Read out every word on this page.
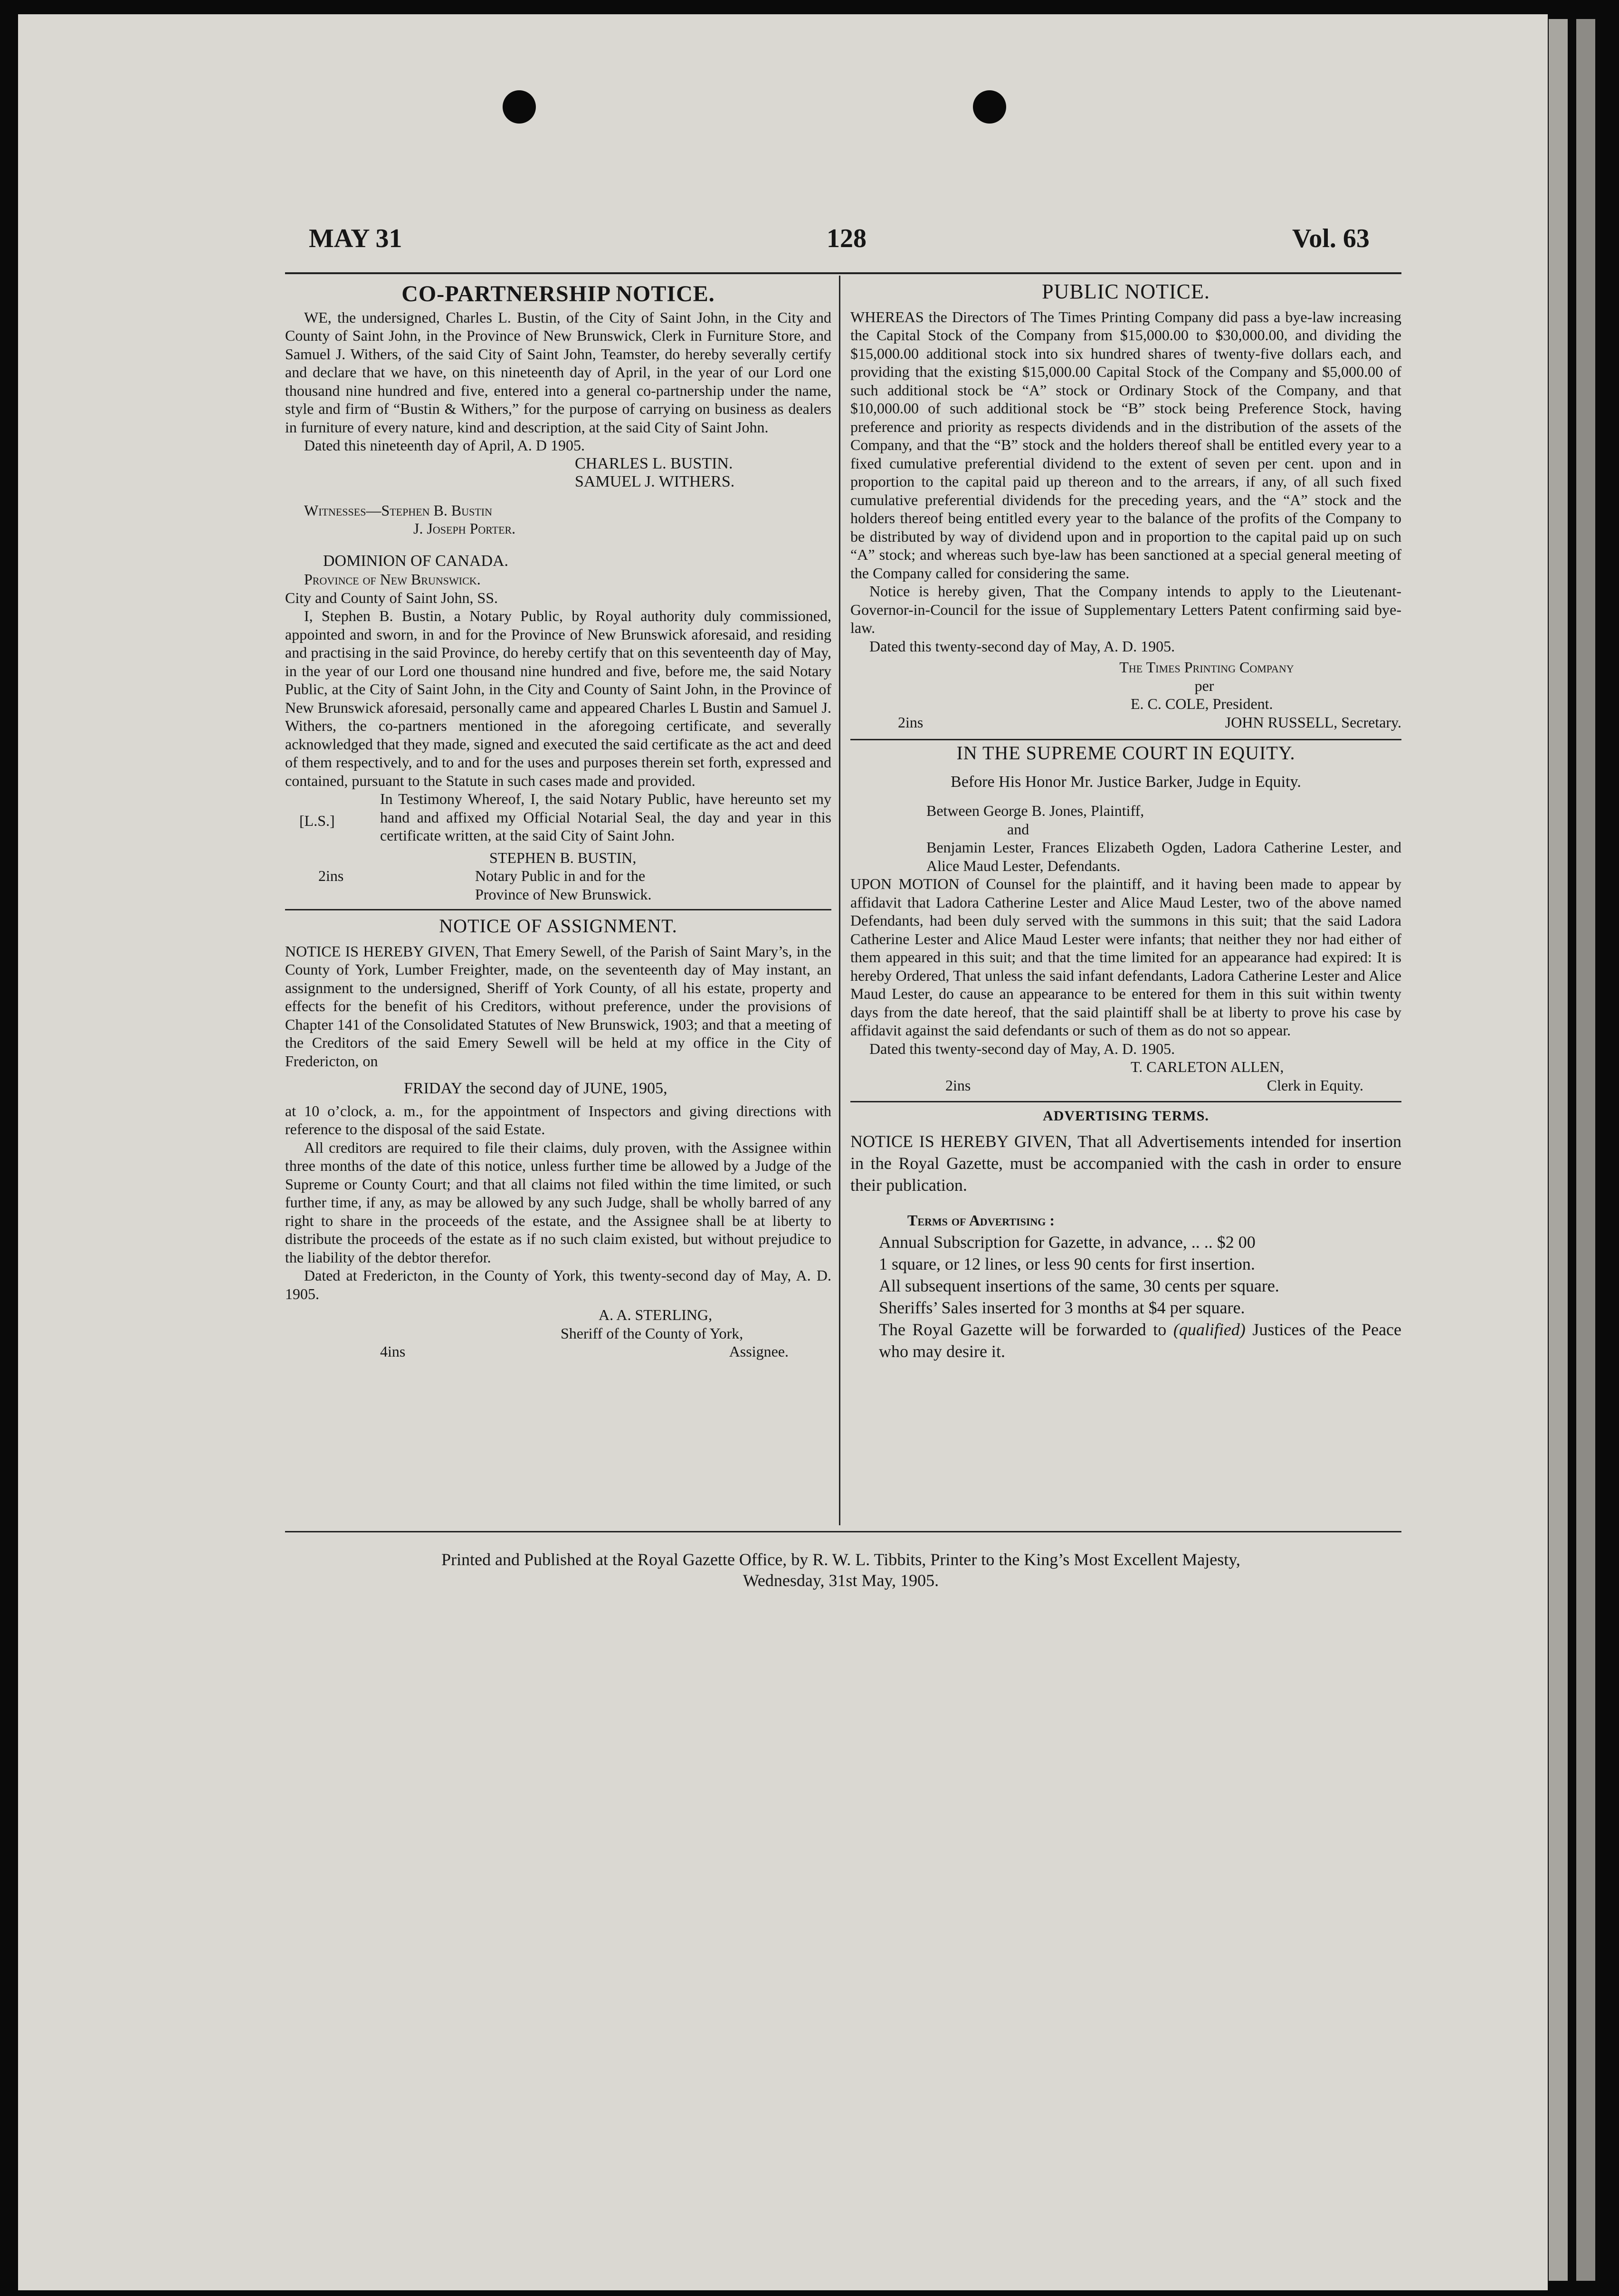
MAY 31	128	Vol. 63
CO-PARTNERSHIP NOTICE.

WE, the undersigned, Charles L. Bustin, of the City of Saint John, in the City and County of Saint John, in the Province of New Brunswick, Clerk in Furniture Store, and Samuel J. Withers, of the said City of Saint John, Teamster, do hereby severally certify and declare that we have, on this nineteenth day of April, in the year of our Lord one thousand nine hundred and five, entered into a general co-partnership under the name, style and firm of “Bustin & Withers,” for the purpose of carrying on business as dealers in furniture of every nature, kind and description, at the said City of Saint John.

Dated this nineteenth day of April, A. D 1905.

CHARLES L. BUSTIN.
SAMUEL J. WITHERS.

Witnesses—Stephen B. Bustin

J. Joseph Porter.

DOMINION OF CANADA.

Province of New Brunswick.

City and County of Saint John, SS.

I, Stephen B. Bustin, a Notary Public, by Royal authority duly commissioned, appointed and sworn, in and for the Province of New Brunswick aforesaid, and residing and practising in the said Province, do hereby certify that on this seventeenth day of May, in the year of our Lord one thousand nine hundred and five, before me, the said Notary Public, at the City of Saint John, in the City and County of Saint John, in the Province of New Brunswick aforesaid, personally came and appeared Charles L Bustin and Samuel J. Withers, the co-partners mentioned in the aforegoing certificate, and severally acknowledged that they made, signed and executed the said certificate as the act and deed of them respectively, and to and for the uses and purposes therein set forth, expressed and contained, pursuant to the Statute in such cases made and provided.

[L.S.]

In Testimony Whereof, I, the said Notary Public, have hereunto set my hand and affixed my Official Notarial Seal, the day and year in this certificate written, at the said City of Saint John.

2ins
STEPHEN B. BUSTIN,
Notary Public in and for the
Province of New Brunswick.
NOTICE OF ASSIGNMENT.

NOTICE IS HEREBY GIVEN, That Emery Sewell, of the Parish of Saint Mary’s, in the County of York, Lumber Freighter, made, on the seventeenth day of May instant, an assignment to the undersigned, Sheriff of York County, of all his estate, property and effects for the benefit of his Creditors, without preference, under the provisions of Chapter 141 of the Consolidated Statutes of New Brunswick, 1903; and that a meeting of the Creditors of the said Emery Sewell will be held at my office in the City of Fredericton, on

FRIDAY the second day of JUNE, 1905,

at 10 o’clock, a. m., for the appointment of Inspectors and giving directions with reference to the disposal of the said Estate.

All creditors are required to file their claims, duly proven, with the Assignee within three months of the date of this notice, unless further time be allowed by a Judge of the Supreme or County Court; and that all claims not filed within the time limited, or such further time, if any, as may be allowed by any such Judge, shall be wholly barred of any right to share in the proceeds of the estate, and the Assignee shall be at liberty to distribute the proceeds of the estate as if no such claim existed, but without prejudice to the liability of the debtor therefor.

Dated at Fredericton, in the County of York, this twenty-second day of May, A. D. 1905.

A. A. STERLING,
Sheriff of the County of York,
4ins	Assignee.
PUBLIC NOTICE.

WHEREAS the Directors of The Times Printing Company did pass a bye-law increasing the Capital Stock of the Company from $15,000.00 to $30,000.00, and dividing the $15,000.00 additional stock into six hundred shares of twenty-five dollars each, and providing that the existing $15,000.00 Capital Stock of the Company and $5,000.00 of such additional stock be “A” stock or Ordinary Stock of the Company, and that $10,000.00 of such additional stock be “B” stock being Preference Stock, having preference and priority as respects dividends and in the distribution of the assets of the Company, and that the “B” stock and the holders thereof shall be entitled every year to a fixed cumulative preferential dividend to the extent of seven per cent. upon and in proportion to the capital paid up thereon and to the arrears, if any, of all such fixed cumulative preferential dividends for the preceding years, and the “A” stock and the holders thereof being entitled every year to the balance of the profits of the Company to be distributed by way of dividend upon and in proportion to the capital paid up on such “A” stock; and whereas such bye-law has been sanctioned at a special general meeting of the Company called for considering the same.

Notice is hereby given, That the Company intends to apply to the Lieutenant-Governor-in-Council for the issue of Supplementary Letters Patent confirming said bye-law.

Dated this twenty-second day of May, A. D. 1905.

The Times Printing Company

per

E. C. COLE, President.

2ins	JOHN RUSSELL, Secretary.
IN THE SUPREME COURT IN EQUITY.

Before His Honor Mr. Justice Barker, Judge in Equity.

Between George B. Jones, Plaintiff,

and

Benjamin Lester, Frances Elizabeth Ogden, Ladora Catherine Lester, and Alice Maud Lester, Defendants.

UPON MOTION of Counsel for the plaintiff, and it having been made to appear by affidavit that Ladora Catherine Lester and Alice Maud Lester, two of the above named Defendants, had been duly served with the summons in this suit; that the said Ladora Catherine Lester and Alice Maud Lester were infants; that neither they nor had either of them appeared in this suit; and that the time limited for an appearance had expired: It is hereby Ordered, That unless the said infant defendants, Ladora Catherine Lester and Alice Maud Lester, do cause an appearance to be entered for them in this suit within twenty days from the date hereof, that the said plaintiff shall be at liberty to prove his case by affidavit against the said defendants or such of them as do not so appear.

Dated this twenty-second day of May, A. D. 1905.

T. CARLETON ALLEN,

2ins	Clerk in Equity.
ADVERTISING TERMS.

NOTICE IS HEREBY GIVEN, That all Advertisements intended for insertion in the Royal Gazette, must be accompanied with the cash in order to ensure their publication.

Terms of Advertising :

Annual Subscription for Gazette, in advance, .. .. $2 00

1 square, or 12 lines, or less 90 cents for first insertion.

All subsequent insertions of the same, 30 cents per square.

Sheriffs’ Sales inserted for 3 months at $4 per square.

The Royal Gazette will be forwarded to (qualified) Justices of the Peace who may desire it.

Printed and Published at the Royal Gazette Office, by R. W. L. Tibbits, Printer to the King’s Most Excellent Majesty,
Wednesday, 31st May, 1905.
